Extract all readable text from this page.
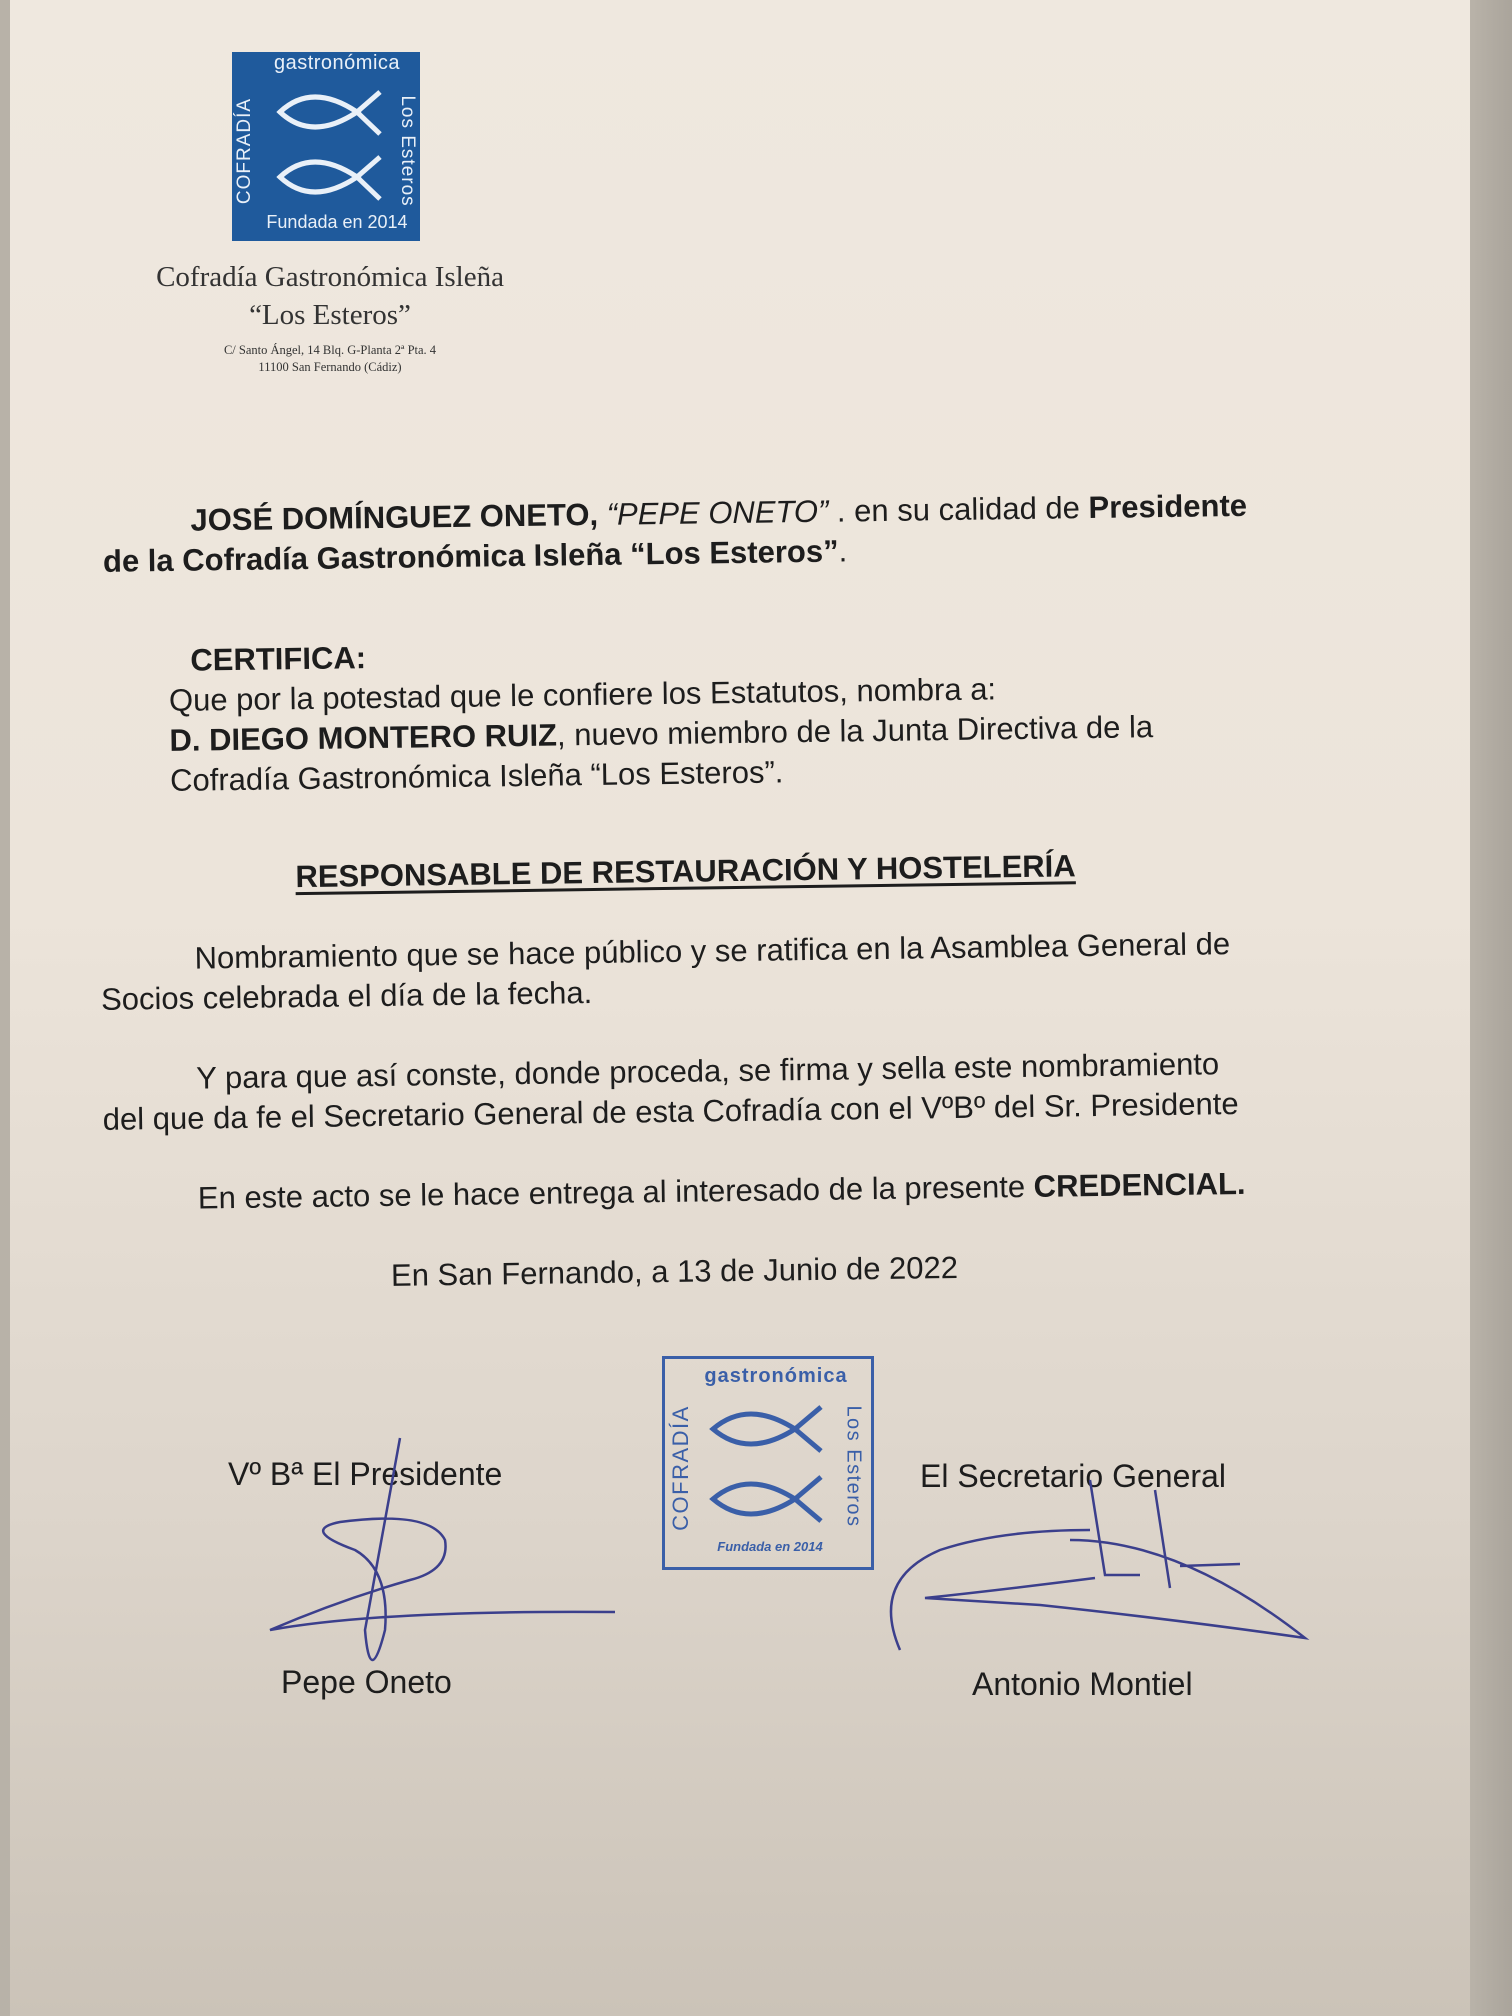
gastronómica
COFRADÍA	Los Esteros
Fundada en 2014
Cofradía Gastronómica Isleña
“Los Esteros”
C/ Santo Ángel, 14 Blq. G-Planta 2ª Pta. 4
11100 San Fernando (Cádiz)
JOSÉ DOMÍNGUEZ ONETO, “PEPE ONETO” . en su calidad de Presidente
de la Cofradía Gastronómica Isleña “Los Esteros”.
CERTIFICA:
Que por la potestad que le confiere los Estatutos, nombra a:
D. DIEGO MONTERO RUIZ, nuevo miembro de la Junta Directiva de la
Cofradía Gastronómica Isleña “Los Esteros”.
RESPONSABLE DE RESTAURACIÓN Y HOSTELERÍA
Nombramiento que se hace público y se ratifica en la Asamblea General de
Socios celebrada el día de la fecha.
Y para que así conste, donde proceda, se firma y sella este nombramiento
del que da fe el Secretario General de esta Cofradía con el VºBº del Sr. Presidente
En este acto se le hace entrega al interesado de la presente CREDENCIAL.
En San Fernando, a 13 de Junio de 2022
Vº Bª El Presidente	El Secretario General
gastronómica
COFRADÍA	Los Esteros
Fundada en 2014
Pepe Oneto	Antonio Montiel
